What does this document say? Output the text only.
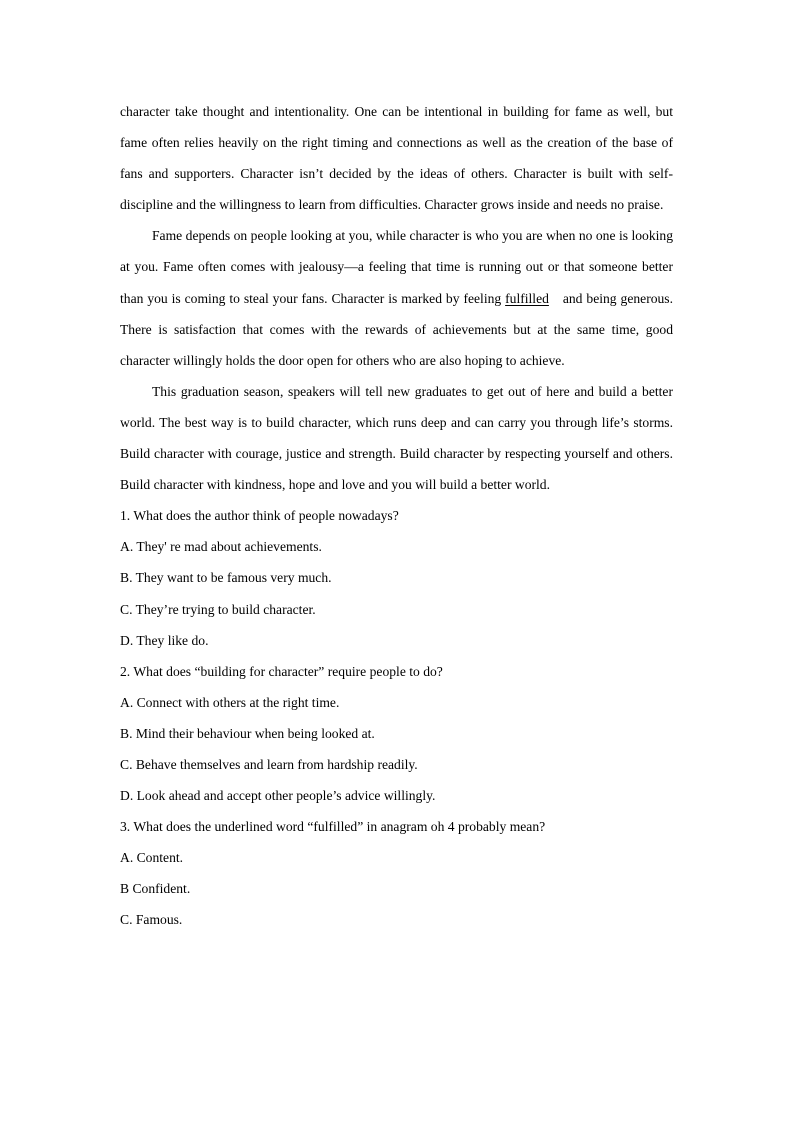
character take thought and intentionality. One can be intentional in building for fame as well, but fame often relies heavily on the right timing and connections as well as the creation of the base of fans and supporters. Character isn’t decided by the ideas of others. Character is built with self-discipline and the willingness to learn from difficulties. Character grows inside and needs no praise.

Fame depends on people looking at you, while character is who you are when no one is looking at you. Fame often comes with jealousy—a feeling that time is running out or that someone better than you is coming to steal your fans. Character is marked by feeling fulfilled and being generous. There is satisfaction that comes with the rewards of achievements but at the same time, good character willingly holds the door open for others who are also hoping to achieve.

This graduation season, speakers will tell new graduates to get out of here and build a better world. The best way is to build character, which runs deep and can carry you through life’s storms. Build character with courage, justice and strength. Build character by respecting yourself and others. Build character with kindness, hope and love and you will build a better world.

1. What does the author think of people nowadays?

A. They' re mad about achievements.

B. They want to be famous very much.

C. They’re trying to build character.

D. They like do.

2. What does “building for character” require people to do?

A. Connect with others at the right time.

B. Mind their behaviour when being looked at.

C. Behave themselves and learn from hardship readily.

D. Look ahead and accept other people’s advice willingly.

3. What does the underlined word “fulfilled” in anagram oh 4 probably mean?

A. Content.

B Confident.

C. Famous.
